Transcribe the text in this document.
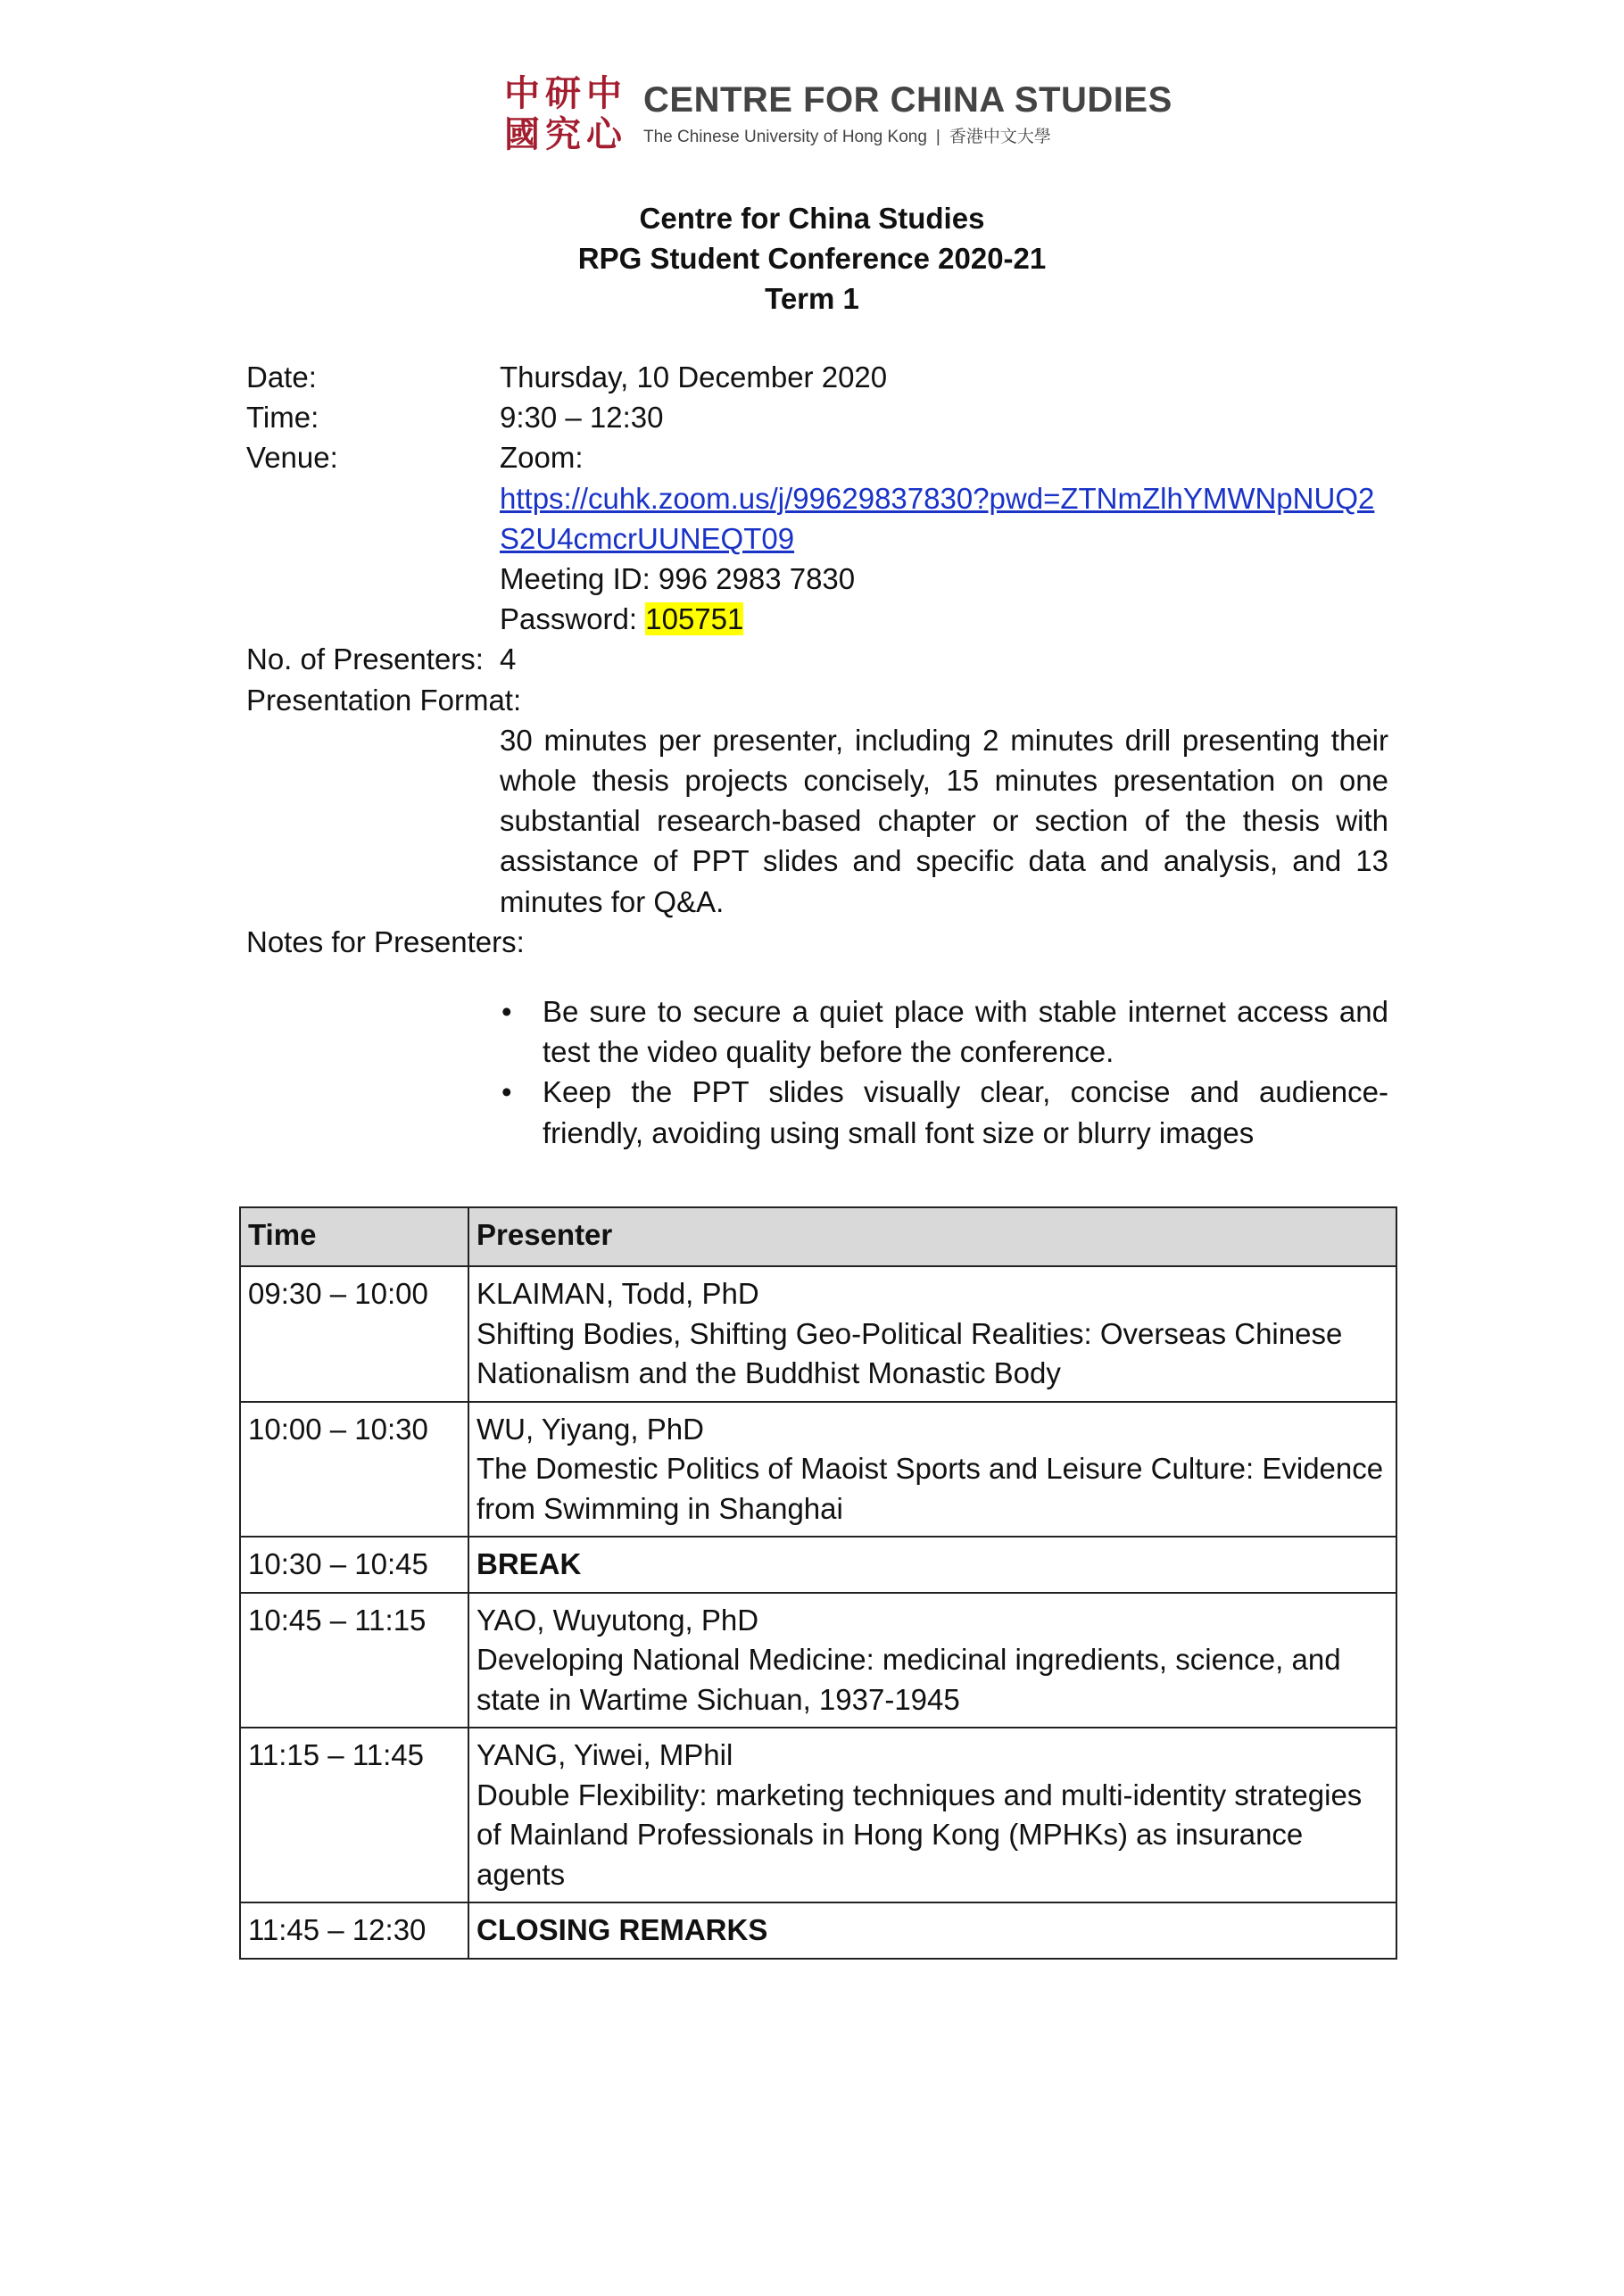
中 研 中
國 究 心
CENTRE FOR CHINA STUDIES
The Chinese University of Hong Kong | 香港中文大學
Centre for China Studies
RPG Student Conference 2020-21
Term 1
Date:	Thursday, 10 December 2020
Time:	9:30 – 12:30
Venue:	Zoom:
https://cuhk.zoom.us/j/99629837830?pwd=ZTNmZlhYMWNpNUQ2S2U4cmcrUUNEQT09
Meeting ID: 996 2983 7830
Password: 105751
No. of Presenters: 4
Presentation Format:
30 minutes per presenter, including 2 minutes drill presenting their whole thesis projects concisely, 15 minutes presentation on one substantial research-based chapter or section of the thesis with assistance of PPT slides and specific data and analysis, and 13 minutes for Q&A.
Notes for Presenters:
• Be sure to secure a quiet place with stable internet access and test the video quality before the conference.
• Keep the PPT slides visually clear, concise and audience-friendly, avoiding using small font size or blurry images
Time	Presenter
09:30 – 10:00	KLAIMAN, Todd, PhD
Shifting Bodies, Shifting Geo-Political Realities: Overseas Chinese Nationalism and the Buddhist Monastic Body

10:00 – 10:30	WU, Yiyang, PhD
The Domestic Politics of Maoist Sports and Leisure Culture: Evidence from Swimming in Shanghai

10:30 – 10:45	BREAK
10:45 – 11:15	YAO, Wuyutong, PhD
Developing National Medicine: medicinal ingredients, science, and state in Wartime Sichuan, 1937-1945

11:15 – 11:45	YANG, Yiwei, MPhil
Double Flexibility: marketing techniques and multi-identity strategies of Mainland Professionals in Hong Kong (MPHKs) as insurance agents

11:45 – 12:30	CLOSING REMARKS
